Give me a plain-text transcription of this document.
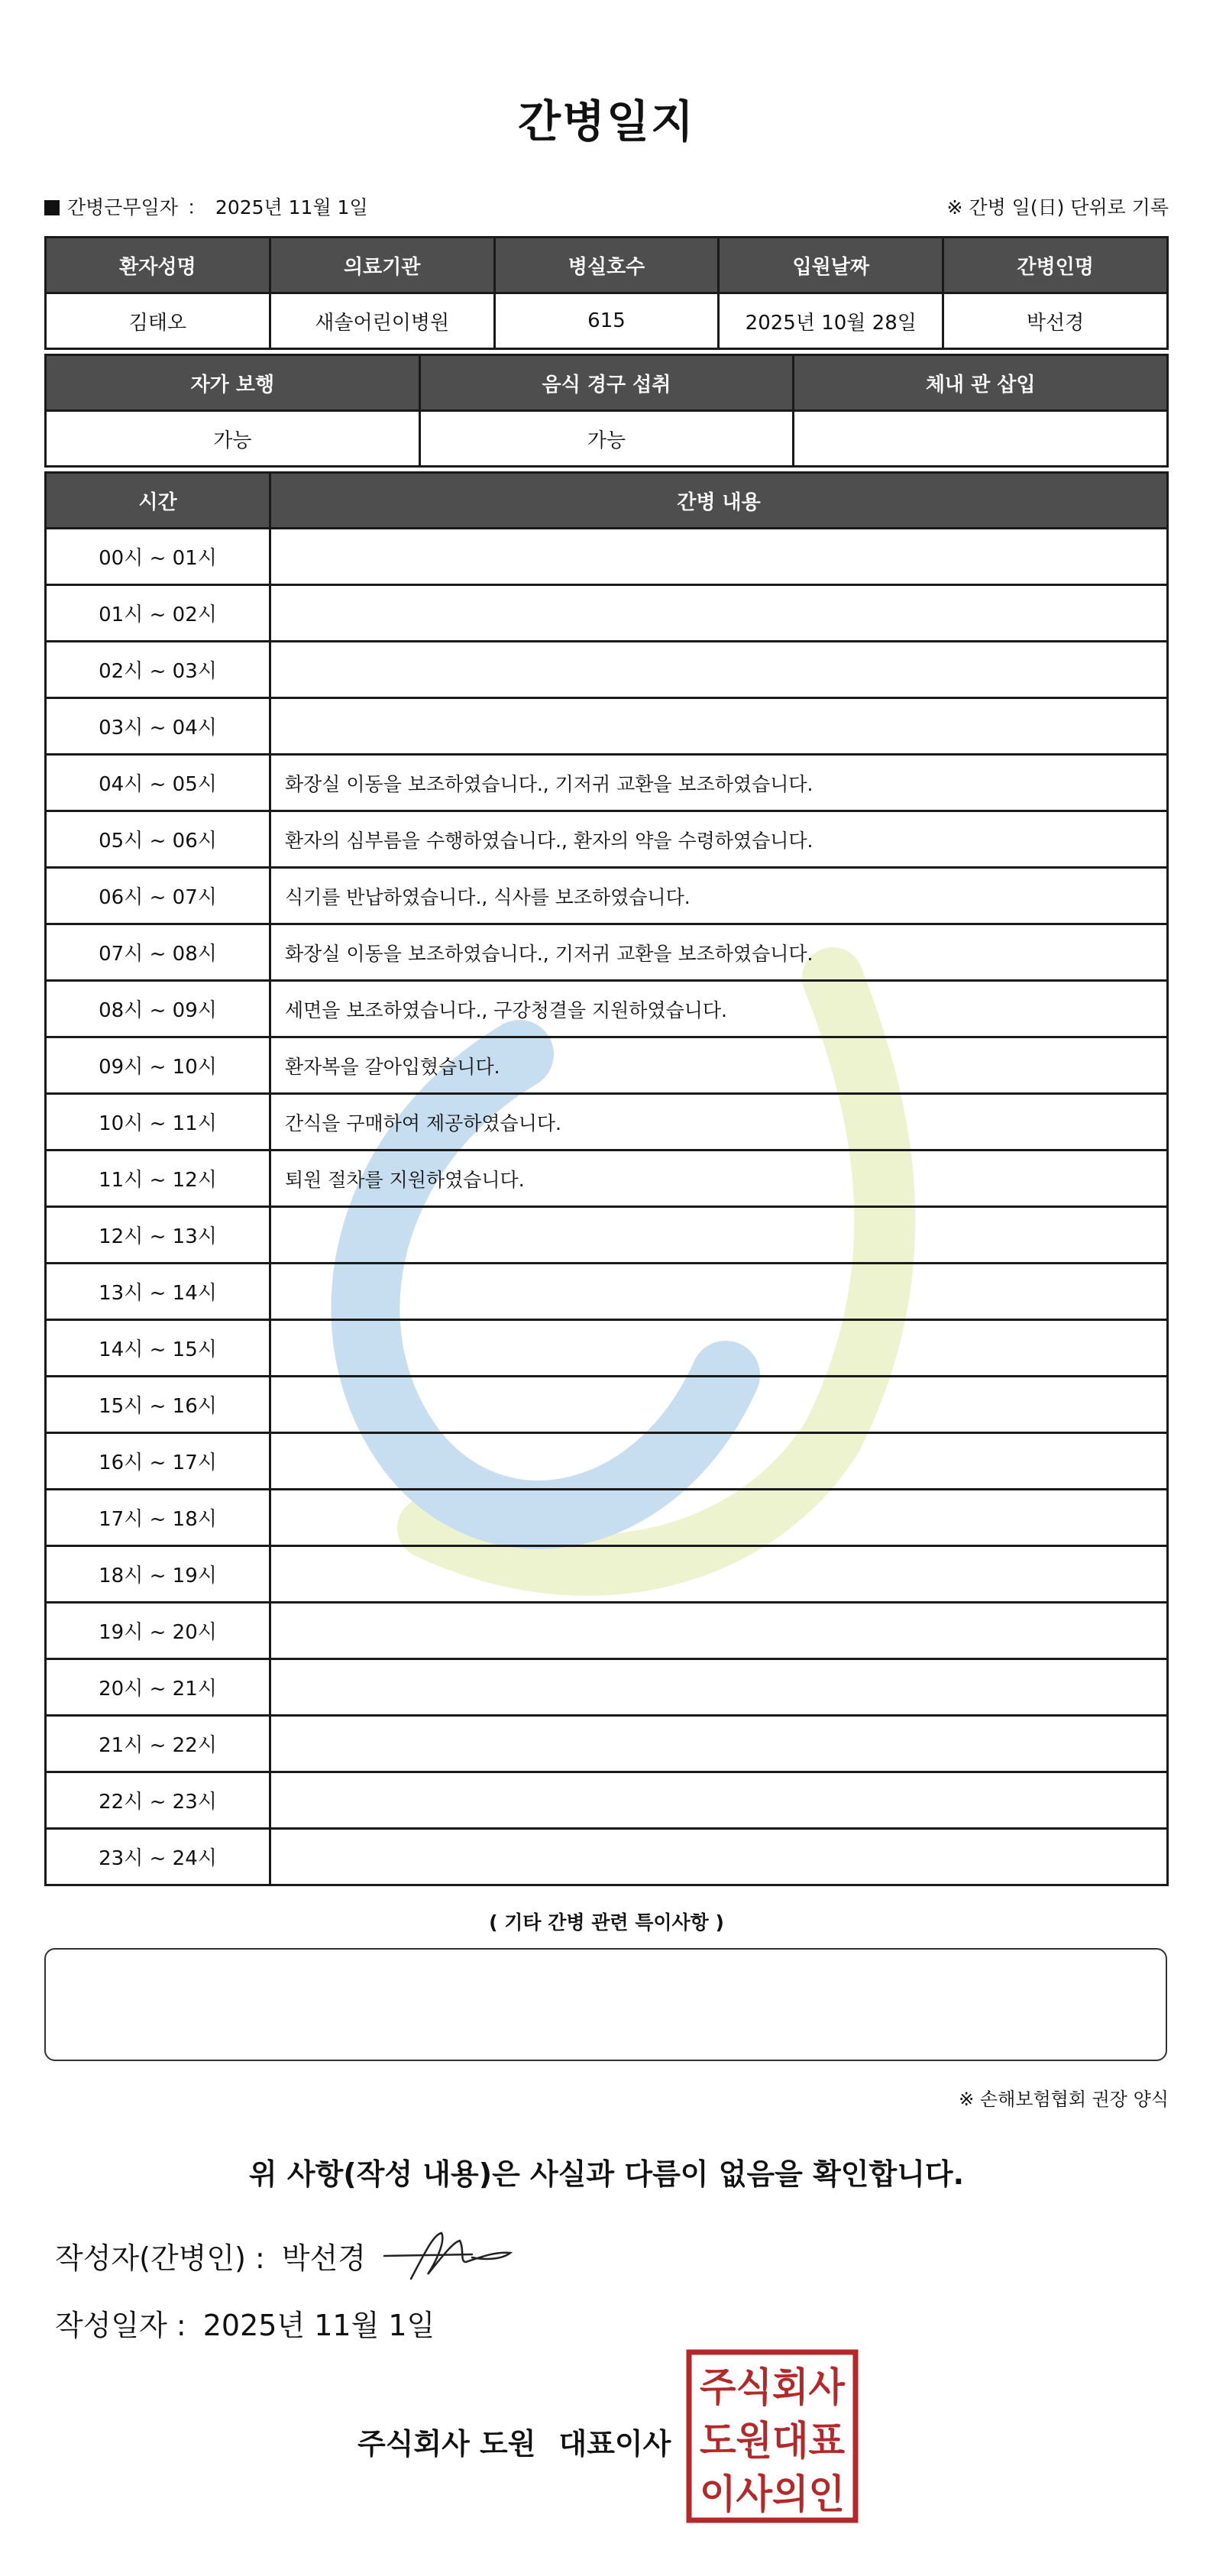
간병일지
간병근무일자 ： 2025년 11월 1일	※ 간병 일(日) 단위로 기록
환자성명	의료기관	병실호수	입원날짜	간병인명
김태오	새솔어린이병원	615	2025년 10월 28일	박선경
자가 보행	음식 경구 섭취	체내 관 삽입
가능	가능	
시간	간병 내용
00시 ~ 01시	
01시 ~ 02시	
02시 ~ 03시	
03시 ~ 04시	
04시 ~ 05시	화장실 이동을 보조하였습니다., 기저귀 교환을 보조하였습니다.
05시 ~ 06시	환자의 심부름을 수행하였습니다., 환자의 약을 수령하였습니다.
06시 ~ 07시	식기를 반납하였습니다., 식사를 보조하였습니다.
07시 ~ 08시	화장실 이동을 보조하였습니다., 기저귀 교환을 보조하였습니다.
08시 ~ 09시	세면을 보조하였습니다., 구강청결을 지원하였습니다.
09시 ~ 10시	환자복을 갈아입혔습니다.
10시 ~ 11시	간식을 구매하여 제공하였습니다.
11시 ~ 12시	퇴원 절차를 지원하였습니다.
12시 ~ 13시	
13시 ~ 14시	
14시 ~ 15시	
15시 ~ 16시	
16시 ~ 17시	
17시 ~ 18시	
18시 ~ 19시	
19시 ~ 20시	
20시 ~ 21시	
21시 ~ 22시	
22시 ~ 23시	
23시 ~ 24시	
( 기타 간병 관련 특이사항 )
※ 손해보험협회 권장 양식
위 사항(작성 내용)은 사실과 다름이 없음을 확인합니다.
작성자(간병인) : 박선경
작성일자 : 2025년 11월 1일
주식회사 도원 대표이사
주식회사
도원대표
이사의인
